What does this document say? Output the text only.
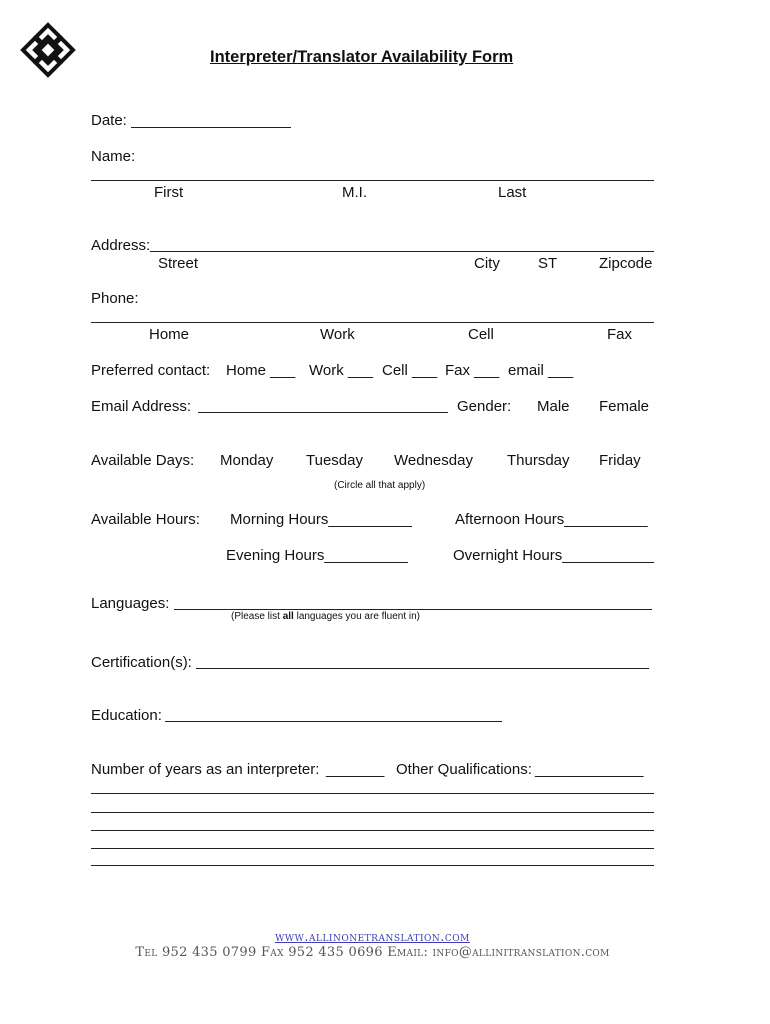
Interpreter/Translator Availability Form
Date:
Name:
First	M.I.	Last
Address:
Street	City	ST	Zipcode
Phone:
Home	Work	Cell	Fax
Preferred contact: Home ___ Work ___ Cell ___ Fax ___ email ___
Email Address:	Gender: Male Female
Available Days: Monday Tuesday Wednesday Thursday Friday
(Circle all that apply)
Available Hours: Morning Hours__________	Afternoon Hours__________
Evening Hours__________	Overnight Hours___________
Languages:
(Please list all languages you are fluent in)
Certification(s):
Education:
Number of years as an interpreter: _______ Other Qualifications: _____________
www.allinonetranslation.com
Tel 952 435 0799 Fax 952 435 0696 Email: info@allinitranslation.com
